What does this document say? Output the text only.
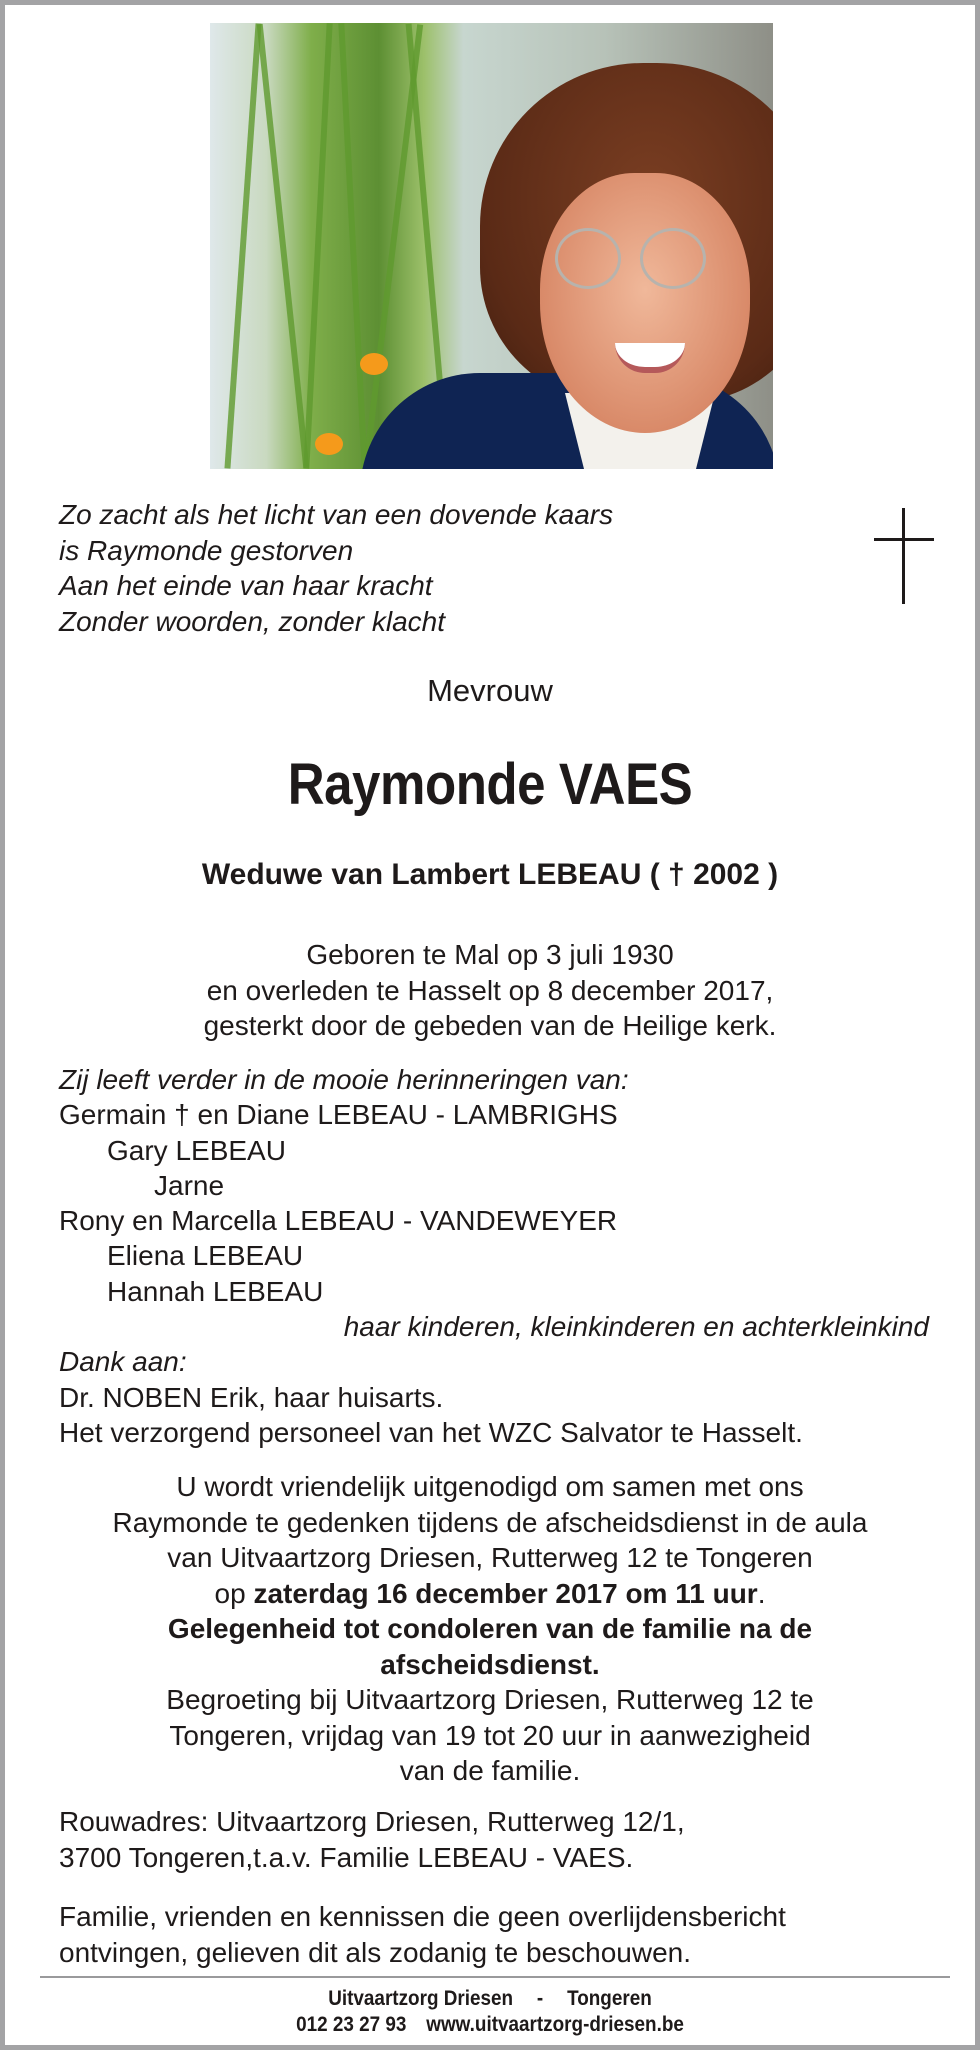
Zo zacht als het licht van een dovende kaars
is Raymonde gestorven
Aan het einde van haar kracht
Zonder woorden, zonder klacht
Mevrouw
Raymonde VAES
Weduwe van Lambert LEBEAU ( † 2002 )
Geboren te Mal op 3 juli 1930
en overleden te Hasselt op 8 december 2017,
gesterkt door de gebeden van de Heilige kerk.
Zij leeft verder in de mooie herinneringen van:
Germain † en Diane LEBEAU - LAMBRIGHS
Gary LEBEAU
Jarne
Rony en Marcella LEBEAU - VANDEWEYER
Eliena LEBEAU
Hannah LEBEAU
haar kinderen, kleinkinderen en achterkleinkind
Dank aan:
Dr. NOBEN Erik, haar huisarts.
Het verzorgend personeel van het WZC Salvator te Hasselt.
U wordt vriendelijk uitgenodigd om samen met ons
Raymonde te gedenken tijdens de afscheidsdienst in de aula
van Uitvaartzorg Driesen, Rutterweg 12 te Tongeren
op zaterdag 16 december 2017 om 11 uur.
Gelegenheid tot condoleren van de familie na de
afscheidsdienst.
Begroeting bij Uitvaartzorg Driesen, Rutterweg 12 te
Tongeren, vrijdag van 19 tot 20 uur in aanwezigheid
van de familie.
Rouwadres: Uitvaartzorg Driesen, Rutterweg 12/1,
3700 Tongeren,t.a.v. Familie LEBEAU - VAES.
Familie, vrienden en kennissen die geen overlijdensbericht
ontvingen, gelieven dit als zodanig te beschouwen.
Uitvaartzorg Driesen - Tongeren
012 23 27 93 www.uitvaartzorg-driesen.be
